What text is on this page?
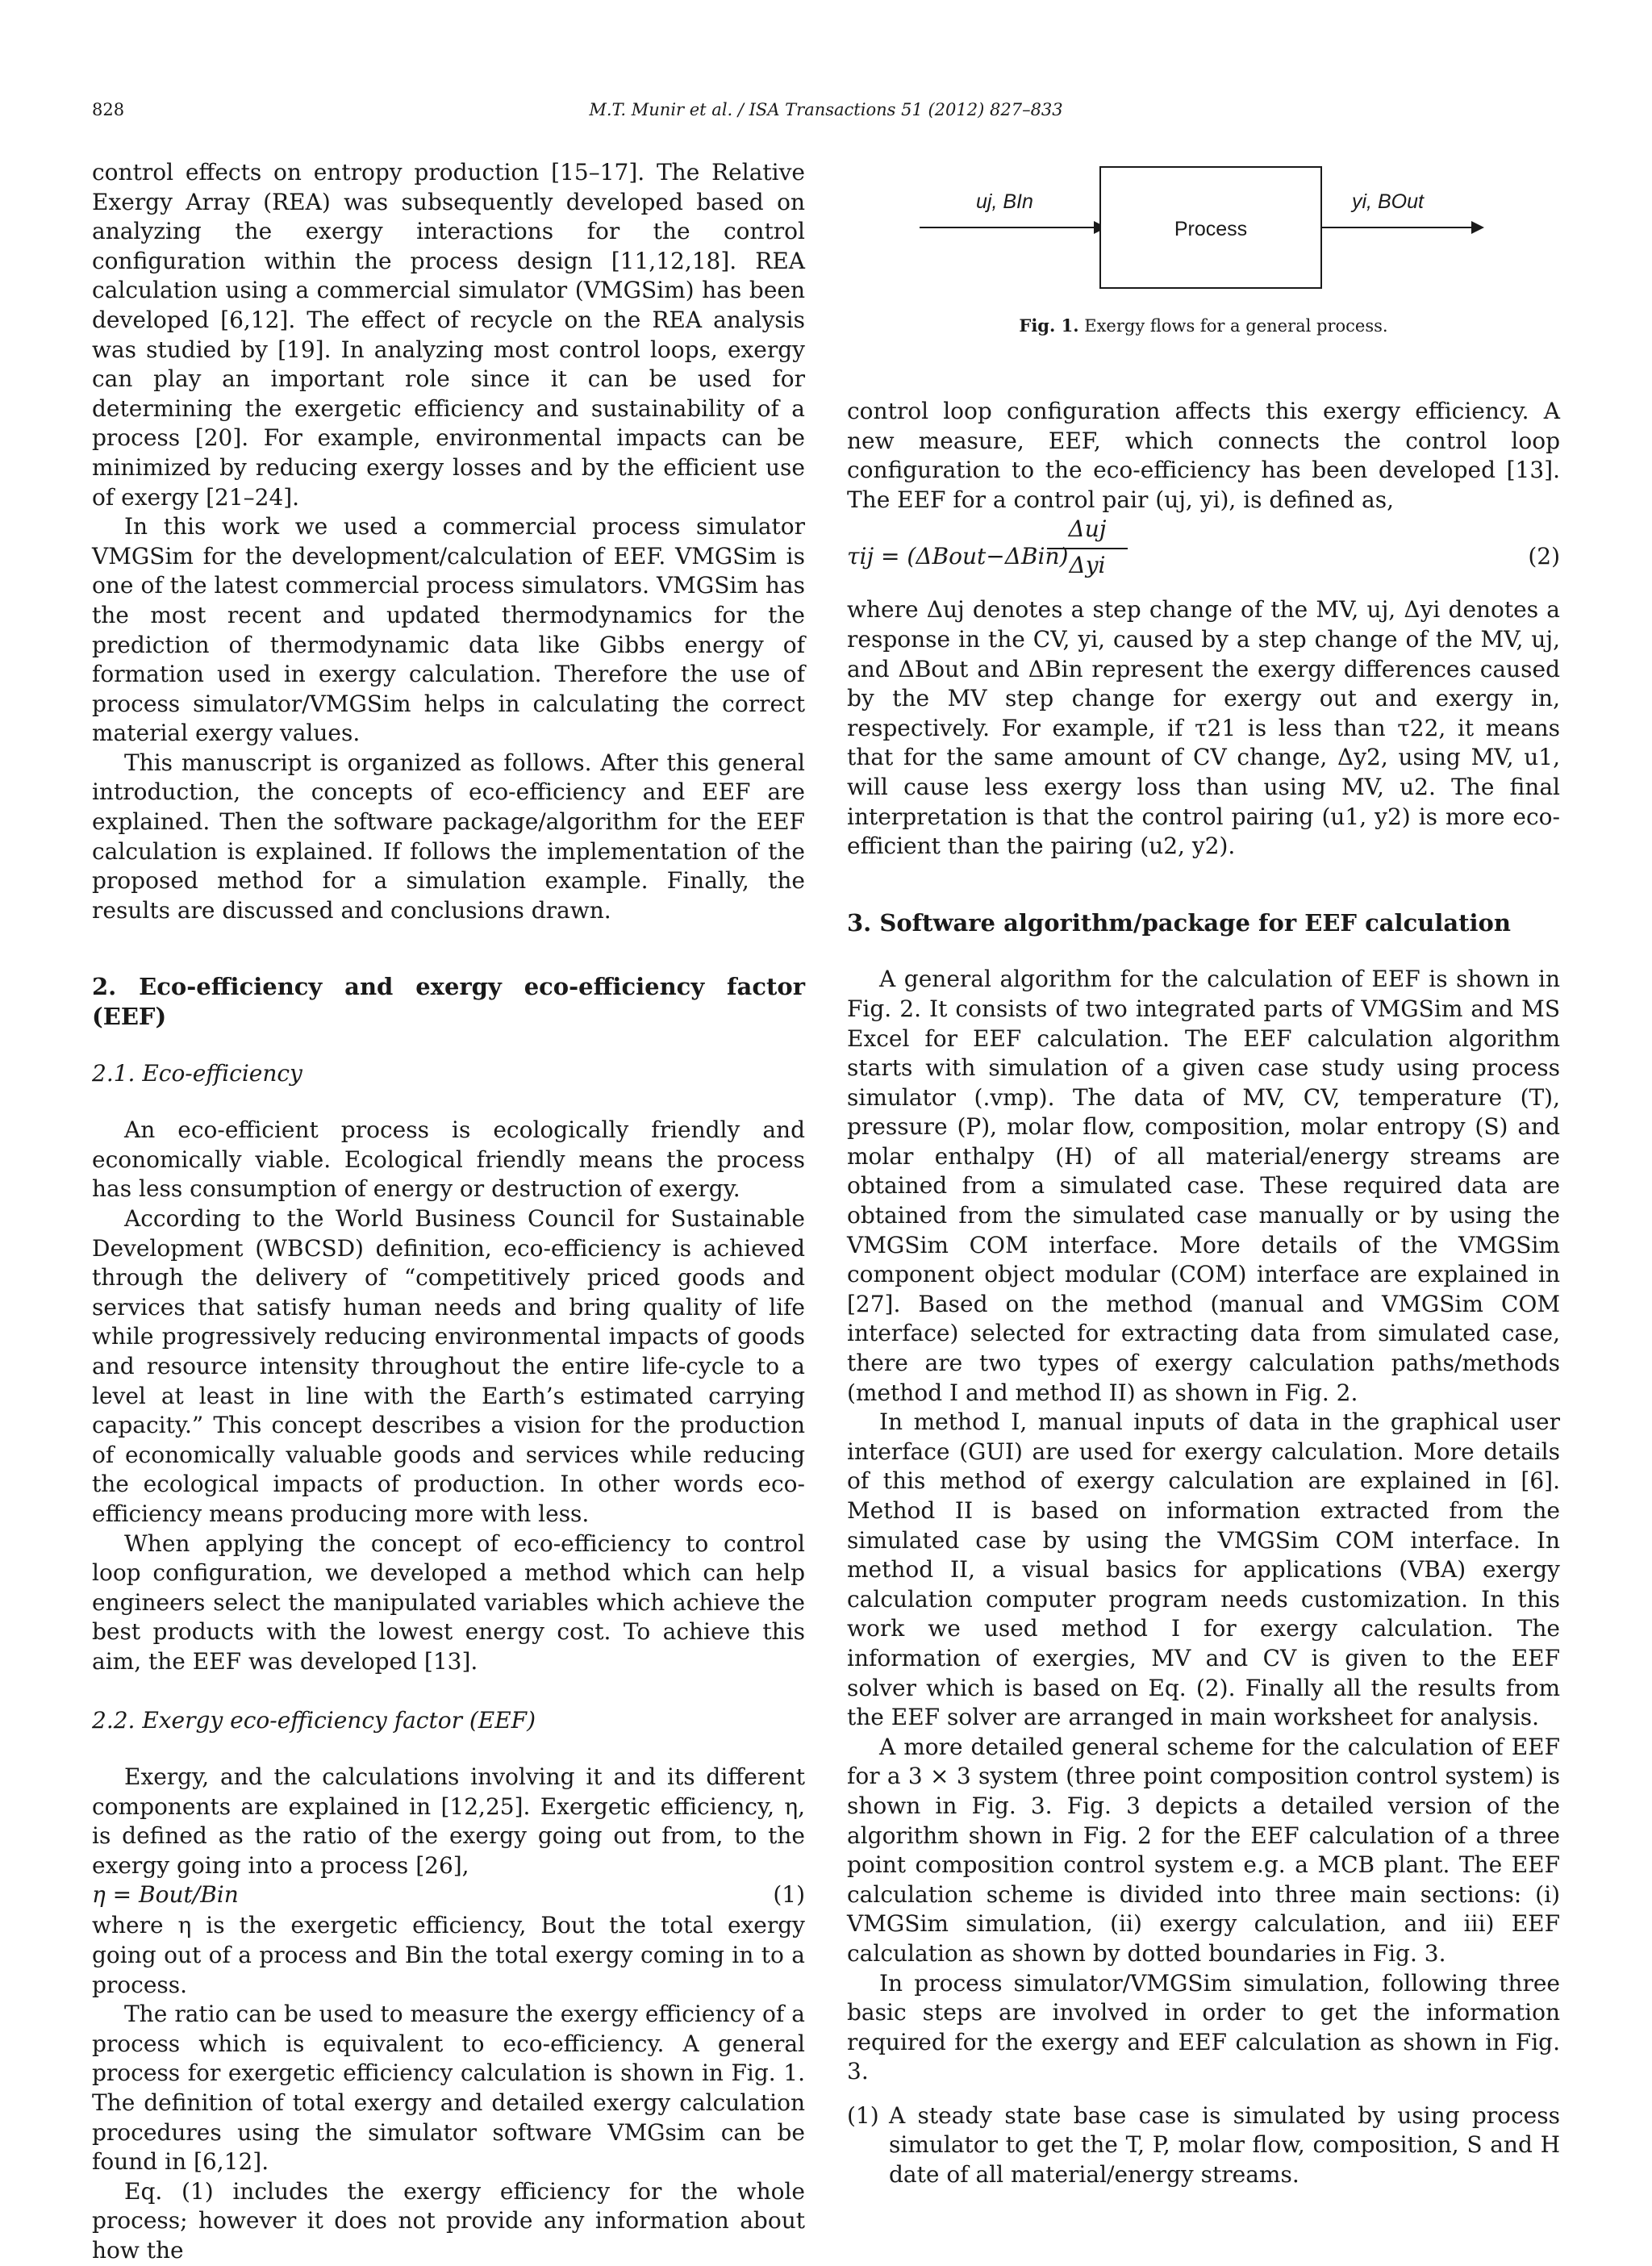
828	M.T. Munir et al. / ISA Transactions 51 (2012) 827–833

control effects on entropy production [15–17]. The Relative Exergy Array (REA) was subsequently developed based on analyzing the exergy interactions for the control configuration within the process design [11,12,18]. REA calculation using a commercial simulator (VMGSim) has been developed [6,12]. The effect of recycle on the REA analysis was studied by [19]. In analyzing most control loops, exergy can play an important role since it can be used for determining the exergetic efficiency and sustainability of a process [20]. For example, environmental impacts can be minimized by reducing exergy losses and by the efficient use of exergy [21–24].

In this work we used a commercial process simulator VMGSim for the development/calculation of EEF. VMGSim is one of the latest commercial process simulators. VMGSim has the most recent and updated thermodynamics for the prediction of thermodynamic data like Gibbs energy of formation used in exergy calculation. Therefore the use of process simulator/VMGSim helps in calculating the correct material exergy values.

This manuscript is organized as follows. After this general introduction, the concepts of eco-efficiency and EEF are explained. Then the software package/algorithm for the EEF calculation is explained. If follows the implementation of the proposed method for a simulation example. Finally, the results are discussed and conclusions drawn.

2. Eco-efficiency and exergy eco-efficiency factor (EEF)

2.1. Eco-efficiency

An eco-efficient process is ecologically friendly and economically viable. Ecological friendly means the process has less consumption of energy or destruction of exergy.

According to the World Business Council for Sustainable Development (WBCSD) definition, eco-efficiency is achieved through the delivery of “competitively priced goods and services that satisfy human needs and bring quality of life while progressively reducing environmental impacts of goods and resource intensity throughout the entire life-cycle to a level at least in line with the Earth’s estimated carrying capacity.” This concept describes a vision for the production of economically valuable goods and services while reducing the ecological impacts of production. In other words eco-efficiency means producing more with less.

When applying the concept of eco-efficiency to control loop configuration, we developed a method which can help engineers select the manipulated variables which achieve the best products with the lowest energy cost. To achieve this aim, the EEF was developed [13].

2.2. Exergy eco-efficiency factor (EEF)

Exergy, and the calculations involving it and its different components are explained in [12,25]. Exergetic efficiency, η, is defined as the ratio of the exergy going out from, to the exergy going into a process [26],

η = Bout/Bin	(1)

where η is the exergetic efficiency, Bout the total exergy going out of a process and Bin the total exergy coming in to a process.

The ratio can be used to measure the exergy efficiency of a process which is equivalent to eco-efficiency. A general process for exergetic efficiency calculation is shown in Fig. 1. The definition of total exergy and detailed exergy calculation procedures using the simulator software VMGsim can be found in [6,12].

Eq. (1) includes the exergy efficiency for the whole process; however it does not provide any information about how the

Process
uj, BIn	yi, BOut
Fig. 1. Exergy flows for a general process.

control loop configuration affects this exergy efficiency. A new measure, EEF, which connects the control loop configuration to the eco-efficiency has been developed [13]. The EEF for a control pair (uj, yi), is defined as,

τij = (ΔBout−ΔBin)
Δuj
Δyi	(2)

where Δuj denotes a step change of the MV, uj, Δyi denotes a response in the CV, yi, caused by a step change of the MV, uj, and ΔBout and ΔBin represent the exergy differences caused by the MV step change for exergy out and exergy in, respectively. For example, if τ21 is less than τ22, it means that for the same amount of CV change, Δy2, using MV, u1, will cause less exergy loss than using MV, u2. The final interpretation is that the control pairing (u1, y2) is more eco-efficient than the pairing (u2, y2).

3. Software algorithm/package for EEF calculation

A general algorithm for the calculation of EEF is shown in Fig. 2. It consists of two integrated parts of VMGSim and MS Excel for EEF calculation. The EEF calculation algorithm starts with simulation of a given case study using process simulator (.vmp). The data of MV, CV, temperature (T), pressure (P), molar flow, composition, molar entropy (S) and molar enthalpy (H) of all material/energy streams are obtained from a simulated case. These required data are obtained from the simulated case manually or by using the VMGSim COM interface. More details of the VMGSim component object modular (COM) interface are explained in [27]. Based on the method (manual and VMGSim COM interface) selected for extracting data from simulated case, there are two types of exergy calculation paths/methods (method I and method II) as shown in Fig. 2.

In method I, manual inputs of data in the graphical user interface (GUI) are used for exergy calculation. More details of this method of exergy calculation are explained in [6]. Method II is based on information extracted from the simulated case by using the VMGSim COM interface. In method II, a visual basics for applications (VBA) exergy calculation computer program needs customization. In this work we used method I for exergy calculation. The information of exergies, MV and CV is given to the EEF solver which is based on Eq. (2). Finally all the results from the EEF solver are arranged in main worksheet for analysis.

A more detailed general scheme for the calculation of EEF for a 3 × 3 system (three point composition control system) is shown in Fig. 3. Fig. 3 depicts a detailed version of the algorithm shown in Fig. 2 for the EEF calculation of a three point composition control system e.g. a MCB plant. The EEF calculation scheme is divided into three main sections: (i) VMGSim simulation, (ii) exergy calculation, and iii) EEF calculation as shown by dotted boundaries in Fig. 3.

In process simulator/VMGSim simulation, following three basic steps are involved in order to get the information required for the exergy and EEF calculation as shown in Fig. 3.

(1) A steady state base case is simulated by using process simulator to get the T, P, molar flow, composition, S and H date of all material/energy streams.
